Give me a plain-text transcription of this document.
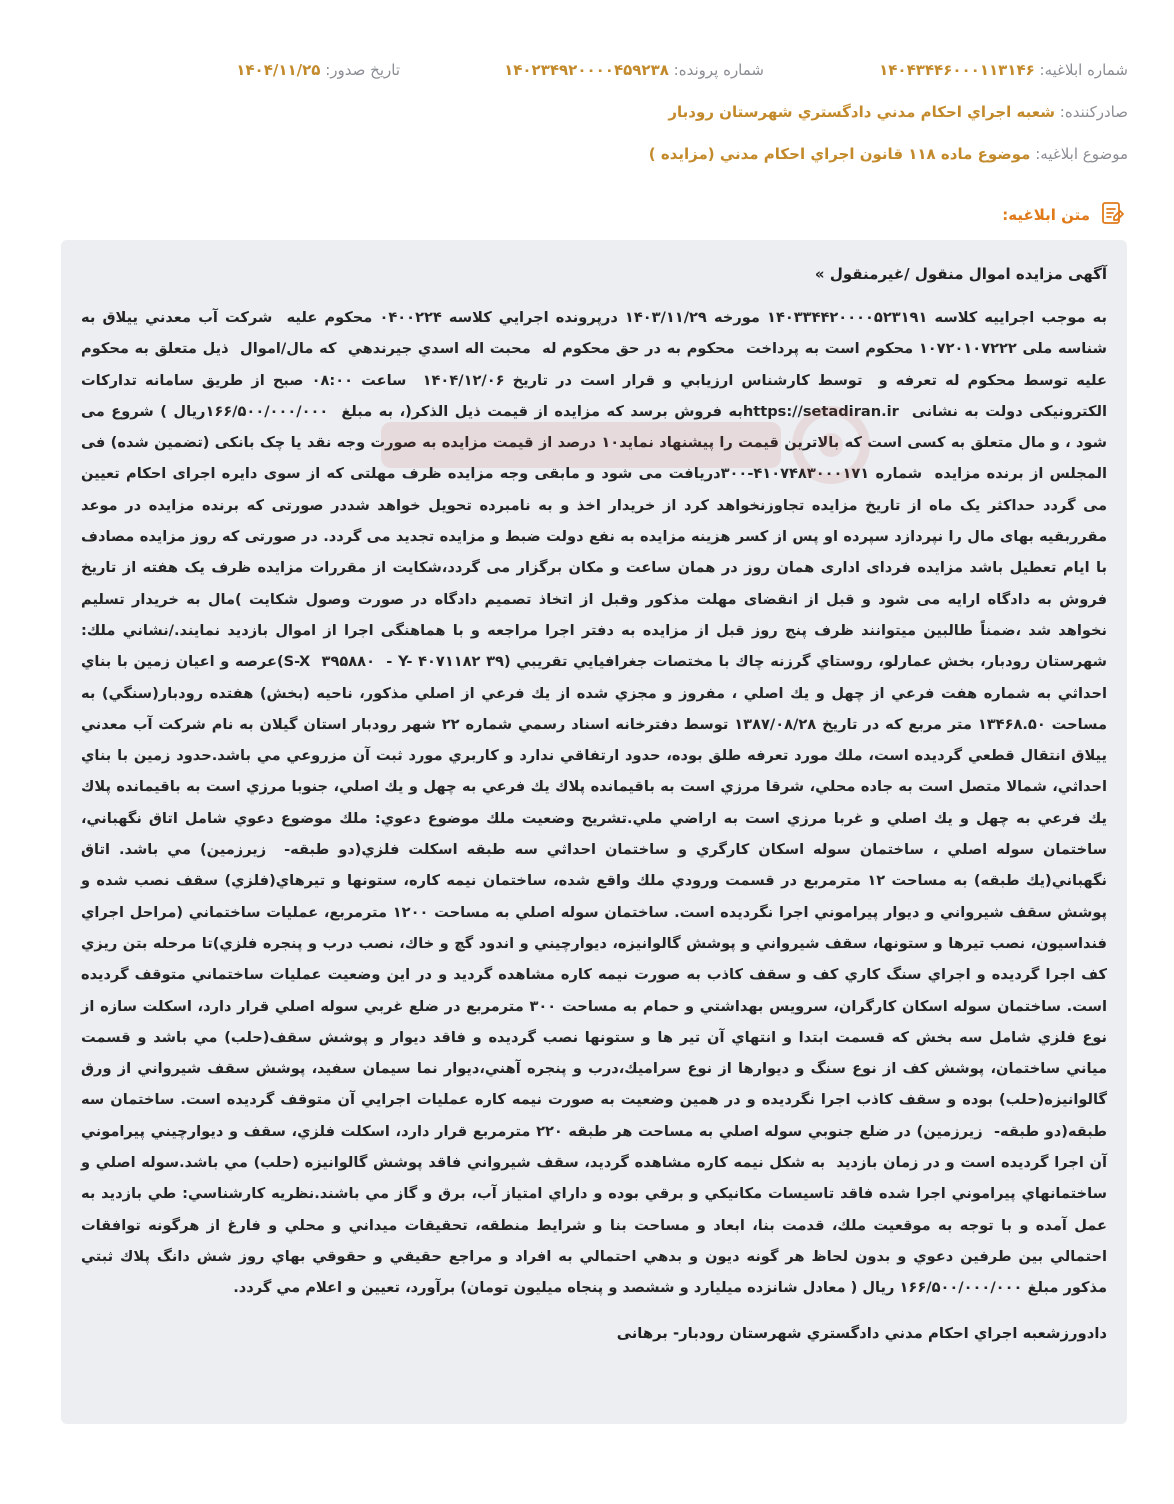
شماره ابلاغيه: ۱۴۰۴۳۴۴۶۰۰۰۱۱۳۱۴۶
شماره پرونده: ۱۴۰۲۳۴۹۲۰۰۰۰۴۵۹۲۳۸
تاريخ صدور: ۱۴۰۴/۱۱/۲۵
صادرکننده: شعبه اجراي احکام مدني دادگستري شهرستان رودبار
موضوع ابلاغيه: موضوع ماده ۱۱۸ قانون اجراي احکام مدني (مزايده )
متن ابلاغيه:

آگهی مزايده اموال منقول /غيرمنقول »

به موجب اجراييه کلاسه ۱۴۰۳۳۴۴۲۰۰۰۰۵۲۳۱۹۱ مورخه ۱۴۰۳/۱۱/۲۹ درپرونده اجرايي کلاسه ۰۴۰۰۲۲۴ محکوم عليه  شرکت آب معدني ييلاق به شناسه ملی ۱۰۷۲۰۱۰۷۲۲۲ محکوم است به پرداخت  محکوم به در حق محکوم له  محبت اله اسدي جيرندهي  که مال/اموال  ذيل متعلق به محکوم عليه توسط محکوم له تعرفه و  توسط کارشناس ارزيابي و قرار است در تاريخ ۱۴۰۴/۱۲/۰۶  ساعت ۰۸:۰۰ صبح از طريق سامانه تدارکات الکترونيکی دولت به نشانی  https://setadiran.irبه فروش برسد که مزايده از قيمت ذيل الذکر(، به مبلغ  ۱۶۶/۵۰۰/۰۰۰/۰۰۰ريال ) شروع می شود ، و مال متعلق به کسی است که بالاترين قيمت را پيشنهاد نمايد۱۰ درصد از قيمت مزايده به صورت وجه نقد يا چک بانکی (تضمين شده) فی المجلس از برنده مزايده  شماره ۴۱۰۷۴۸۳۰۰۰۱۷۱-۳۰۰دريافت می شود و مابقی وجه مزايده ظرف مهلتی که از سوی دايره اجرای احکام تعيين می گردد حداکثر يک ماه از تاريخ مزايده تجاوزنخواهد کرد از خريدار اخذ و به نامبرده تحويل خواهد شددر صورتی که برنده مزايده در موعد مقرربقيه بهای مال را نپردازد سپرده او پس از کسر هزينه مزايده به نفع دولت ضبط و مزايده تجديد می گردد. در صورتی که روز مزايده مصادف با ايام تعطيل باشد مزايده فردای اداری همان روز در همان ساعت و مکان برگزار می گردد،شکايت از مقررات مزايده ظرف يک هفته از تاريخ فروش به دادگاه ارايه می شود و قبل از انقضای مهلت مذکور وقبل از اتخاذ تصميم دادگاه در صورت وصول شکايت )مال به خريدار تسليم نخواهد شد ،ضمناً طالبين ميتوانند ظرف پنج روز قبل از مزايده به دفتر اجرا مراجعه و با هماهنگی اجرا از اموال بازديد نمايند./نشاني ملك: شهرستان رودبار، بخش عمارلو، روستاي گرزنه چاك با مختصات جغرافيايي تقريبي (۳۹ S-X  ۳۹۵۸۸۰  - Y- ۴۰۷۱۱۸۲)عرصه و اعيان زمين با بناي احداثي به شماره هفت فرعي از چهل و يك اصلي ، مفروز و مجزي شده از يك فرعي از اصلي مذكور، ناحيه (بخش) هفتده رودبار(سنگي) به مساحت ۱۳۴۶۸.۵۰ متر مربع كه در تاريخ ۱۳۸۷/۰۸/۲۸ توسط دفترخانه اسناد رسمي شماره ۲۲ شهر رودبار استان گيلان به نام شركت آب معدني ييلاق انتقال قطعي گرديده است، ملك مورد تعرفه طلق بوده، حدود ارتفاقي ندارد و كاربري مورد ثبت آن مزروعي مي باشد.حدود زمين با بناي احداثي، شمالا متصل است به جاده محلي، شرقا مرزي است به باقيمانده پلاك يك فرعي به چهل و يك اصلي، جنوبا مرزي است به باقيمانده پلاك يك فرعي به چهل و يك اصلي و غربا مرزي است به اراضي ملي.تشريح وضعيت ملك موضوع دعوي: ملك موضوع دعوي شامل اتاق نگهباني، ساختمان سوله اصلي ، ساختمان سوله اسكان كارگري و ساختمان احداثي سه طبقه اسكلت فلزي(دو طبقه-  زيرزمين) مي باشد. اتاق نگهباني(يك طبقه) به مساحت ۱۲ مترمربع در قسمت ورودي ملك واقع شده، ساختمان نيمه كاره، ستونها و تيرهاي(فلزي) سقف نصب شده و پوشش سقف شيرواني و ديوار پيراموني اجرا نگرديده است. ساختمان سوله اصلي به مساحت ۱۲۰۰ مترمربع، عمليات ساختماني (مراحل اجراي فنداسيون، نصب تيرها و ستونها، سقف شيرواني و پوشش گالوانيزه، ديوارچيني و اندود گچ و خاك، نصب درب و پنجره فلزي)تا مرحله بتن ريزي كف اجرا گرديده و اجراي سنگ كاري كف و سقف كاذب به صورت نيمه كاره مشاهده گرديد و در اين وضعيت عمليات ساختماني متوقف گرديده است. ساختمان سوله اسكان كارگران، سرويس بهداشتي و حمام به مساحت ۳۰۰ مترمربع در ضلع غربي سوله اصلي قرار دارد، اسكلت سازه از نوع فلزي شامل سه بخش كه قسمت ابتدا و انتهاي آن تير ها و ستونها نصب گرديده و فاقد ديوار و پوشش سقف(حلب) مي باشد و قسمت مياني ساختمان، پوشش كف از نوع سنگ و ديوارها از نوع سراميك،درب و پنجره آهني،ديوار نما سيمان سفيد، پوشش سقف شيرواني از ورق گالوانيزه(حلب) بوده و سقف كاذب اجرا نگرديده و در همين وضعيت به صورت نيمه كاره عمليات اجرايي آن متوقف گرديده است. ساختمان سه طبقه(دو طبقه-  زيرزمين) در ضلع جنوبي سوله اصلي به مساحت هر طبقه ۲۲۰ مترمربع قرار دارد، اسكلت فلزي، سقف و ديوارچيني پيراموني آن اجرا گرديده است و در زمان بازديد  به شكل نيمه كاره مشاهده گرديد، سقف شيرواني فاقد پوشش گالوانيزه (حلب) مي باشد.سوله اصلي و ساختمانهاي پيراموني اجرا شده فاقد تاسيسات مكانيكي و برقي بوده و داراي امتياز آب، برق و گاز مي باشند.نظريه كارشناسي: طي بازديد به عمل آمده و با توجه به موقعيت ملك، قدمت بنا، ابعاد و مساحت بنا و شرايط منطقه، تحقيقات ميداني و محلي و فارغ از هرگونه توافقات احتمالي بين طرفين دعوي و بدون لحاظ هر گونه ديون و بدهي احتمالي به افراد و مراجع حقيقي و حقوقي بهاي روز شش دانگ پلاك ثبتي مذكور مبلغ ۱۶۶/۵۰۰/۰۰۰/۰۰۰ ريال ( معادل شانزده ميليارد و ششصد و پنجاه ميليون تومان) برآورد، تعيين و اعلام مي گردد.

دادورزشعبه اجراي احکام مدني دادگستري شهرستان رودبار- برهانی
